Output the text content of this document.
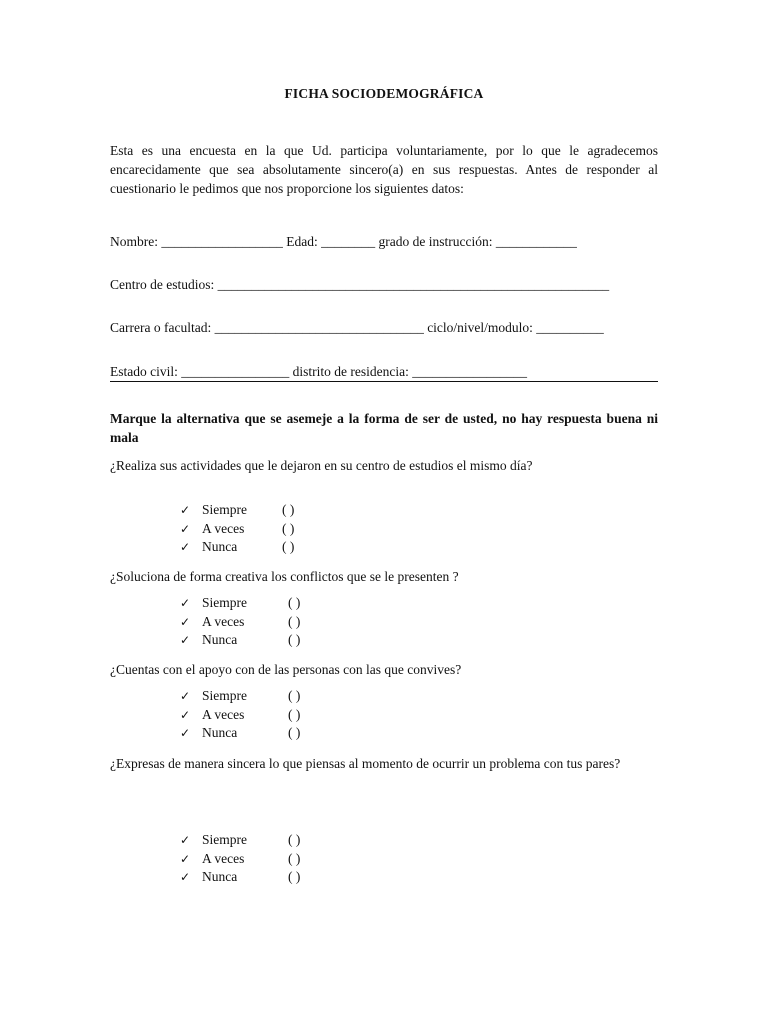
FICHA SOCIODEMOGRÁFICA

Esta es una encuesta en la que Ud. participa voluntariamente, por lo que le agradecemos encarecidamente que sea absolutamente sincero(a) en sus respuestas. Antes de responder al cuestionario le pedimos que nos proporcione los siguientes datos:

Nombre: __________________ Edad: ________ grado de instrucción: ____________
Centro de estudios: __________________________________________________________
Carrera o facultad: _______________________________ ciclo/nivel/modulo: __________
Estado civil: ________________ distrito de residencia: _________________

Marque la alternativa que se asemeje a la forma de ser de usted, no hay respuesta buena ni mala

¿Realiza sus actividades que le dejaron en su centro de estudios el mismo día?

✓ Siempre	( )
✓ A veces	( )
✓ Nunca	( )

¿Soluciona de forma creativa los conflictos que se le presenten ?

✓ Siempre	( )
✓ A veces	( )
✓ Nunca	( )

¿Cuentas con el apoyo con de las personas con las que convives?

✓ Siempre	( )
✓ A veces	( )
✓ Nunca	( )

¿Expresas de manera sincera lo que piensas al momento de ocurrir un problema con tus pares?

✓ Siempre	( )
✓ A veces	( )
✓ Nunca	( )
